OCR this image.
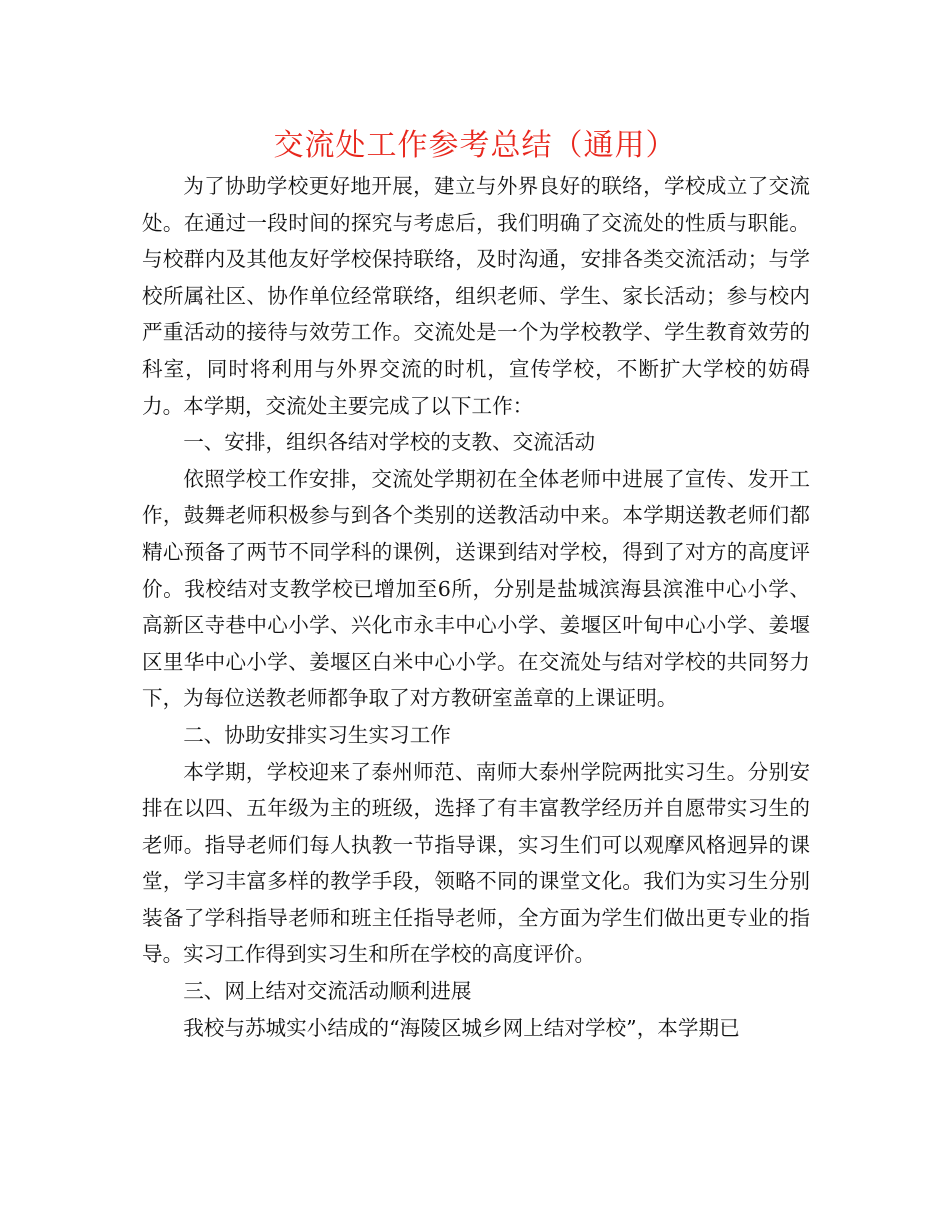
交流处工作参考总结（通用）

为了协助学校更好地开展，建立与外界良好的联络，学校成立了交流处。在通过一段时间的探究与考虑后，我们明确了交流处的性质与职能。与校群内及其他友好学校保持联络，及时沟通，安排各类交流活动；与学校所属社区、协作单位经常联络，组织老师、学生、家长活动；参与校内严重活动的接待与效劳工作。交流处是一个为学校教学、学生教育效劳的科室，同时将利用与外界交流的时机，宣传学校，不断扩大学校的妨碍力。本学期，交流处主要完成了以下工作：

一、安排，组织各结对学校的支教、交流活动

依照学校工作安排，交流处学期初在全体老师中进展了宣传、发开工作，鼓舞老师积极参与到各个类别的送教活动中来。本学期送教老师们都精心预备了两节不同学科的课例，送课到结对学校，得到了对方的高度评价。我校结对支教学校已增加至6所，分别是盐城滨海县滨淮中心小学、高新区寺巷中心小学、兴化市永丰中心小学、姜堰区叶甸中心小学、姜堰区里华中心小学、姜堰区白米中心小学。在交流处与结对学校的共同努力下，为每位送教老师都争取了对方教研室盖章的上课证明。

二、协助安排实习生实习工作

本学期，学校迎来了泰州师范、南师大泰州学院两批实习生。分别安排在以四、五年级为主的班级，选择了有丰富教学经历并自愿带实习生的老师。指导老师们每人执教一节指导课，实习生们可以观摩风格迥异的课堂，学习丰富多样的教学手段，领略不同的课堂文化。我们为实习生分别装备了学科指导老师和班主任指导老师，全方面为学生们做出更专业的指导。实习工作得到实习生和所在学校的高度评价。

三、网上结对交流活动顺利进展

我校与苏城实小结成的“海陵区城乡网上结对学校”，本学期已
